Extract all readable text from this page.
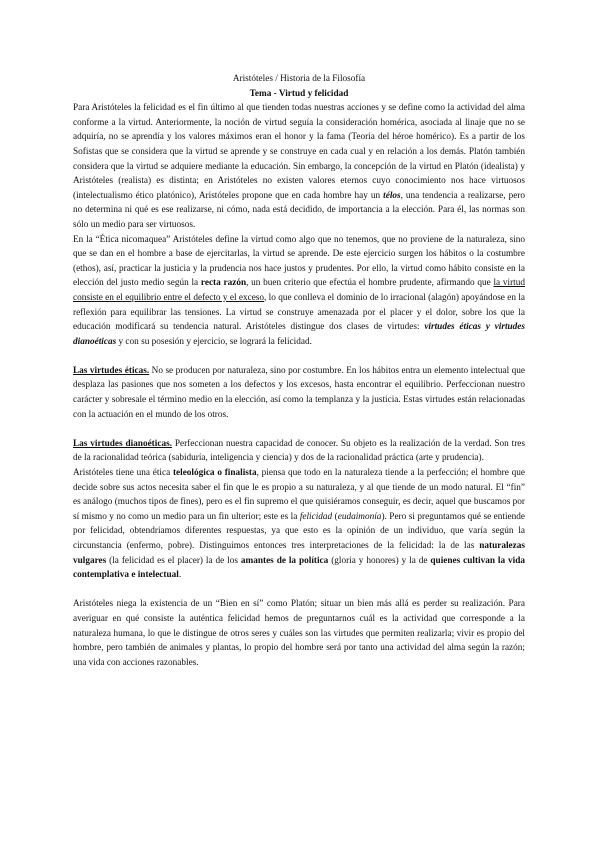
Aristóteles / Historia de la Filosofía

Tema - Virtud y felicidad

Para Aristóteles la felicidad es el fin último al que tienden todas nuestras acciones y se define como la actividad del alma conforme a la virtud. Anteriormente, la noción de virtud seguía la consideración homérica, asociada al linaje que no se adquiría, no se aprendía y los valores máximos eran el honor y la fama (Teoría del héroe homérico). Es a partir de los Sofistas que se considera que la virtud se aprende y se construye en cada cual y en relación a los demás. Platón también considera que la virtud se adquiere mediante la educación. Sin embargo, la concepción de la virtud en Platón (idealista) y Aristóteles (realista) es distinta; en Aristóteles no existen valores eternos cuyo conocimiento nos hace virtuosos (intelectualismo ético platónico), Aristóteles propone que en cada hombre hay un télos, una tendencia a realizarse, pero no determina ni qué es ese realizarse, ni cómo, nada está decidido, de importancia a la elección. Para él, las normas son sólo un medio para ser virtuosos.

En la “Ética nicomaquea” Aristóteles define la virtud como algo que no tenemos, que no proviene de la naturaleza, sino que se dan en el hombre a base de ejercitarlas, la virtud se aprende. De este ejercicio surgen los hábitos o la costumbre (ethos), así, practicar la justicia y la prudencia nos hace justos y prudentes. Por ello, la virtud como hábito consiste en la elección del justo medio según la recta razón, un buen criterio que efectúa el hombre prudente, afirmando que la virtud consiste en el equilibrio entre el defecto y el exceso, lo que conlleva el dominio de lo irracional (alagón) apoyándose en la reflexión para equilibrar las tensiones. La virtud se construye amenazada por el placer y el dolor, sobre los que la educación modificará su tendencia natural. Aristóteles distingue dos clases de virtudes: virtudes éticas y virtudes dianoéticas y con su posesión y ejercicio, se logrará la felicidad.

Las virtudes éticas. No se producen por naturaleza, sino por costumbre. En los hábitos entra un elemento intelectual que desplaza las pasiones que nos someten a los defectos y los excesos, hasta encontrar el equilibrio. Perfeccionan nuestro carácter y sobresale el término medio en la elección, así como la templanza y la justicia. Estas virtudes están relacionadas con la actuación en el mundo de los otros.

Las virtudes dianoéticas. Perfeccionan nuestra capacidad de conocer. Su objeto es la realización de la verdad. Son tres de la racionalidad teórica (sabiduría, inteligencia y ciencia) y dos de la racionalidad práctica (arte y prudencia).

Aristóteles tiene una ética teleológica o finalista, piensa que todo en la naturaleza tiende a la perfección; el hombre que decide sobre sus actos necesita saber el fin que le es propio a su naturaleza, y al que tiende de un modo natural. El “fin” es análogo (muchos tipos de fines), pero es el fin supremo el que quisiéramos conseguir, es decir, aquel que buscamos por sí mismo y no como un medio para un fin ulterior; este es la felicidad (eudaimonía). Pero si preguntamos qué se entiende por felicidad, obtendríamos diferentes respuestas, ya que esto es la opinión de un individuo, que varía según la circunstancia (enfermo, pobre). Distinguimos entonces tres interpretaciones de la felicidad: la de las naturalezas vulgares (la felicidad es el placer) la de los amantes de la política (gloria y honores) y la de quienes cultivan la vida contemplativa e intelectual.

Aristóteles niega la existencia de un “Bien en sí” como Platón; situar un bien más allá es perder su realización. Para averiguar en qué consiste la auténtica felicidad hemos de preguntarnos cuál es la actividad que corresponde a la naturaleza humana, lo que le distingue de otros seres y cuáles son las virtudes que permiten realizarla; vivir es propio del hombre, pero también de animales y plantas, lo propio del hombre será por tanto una actividad del alma según la razón; una vida con acciones razonables.
